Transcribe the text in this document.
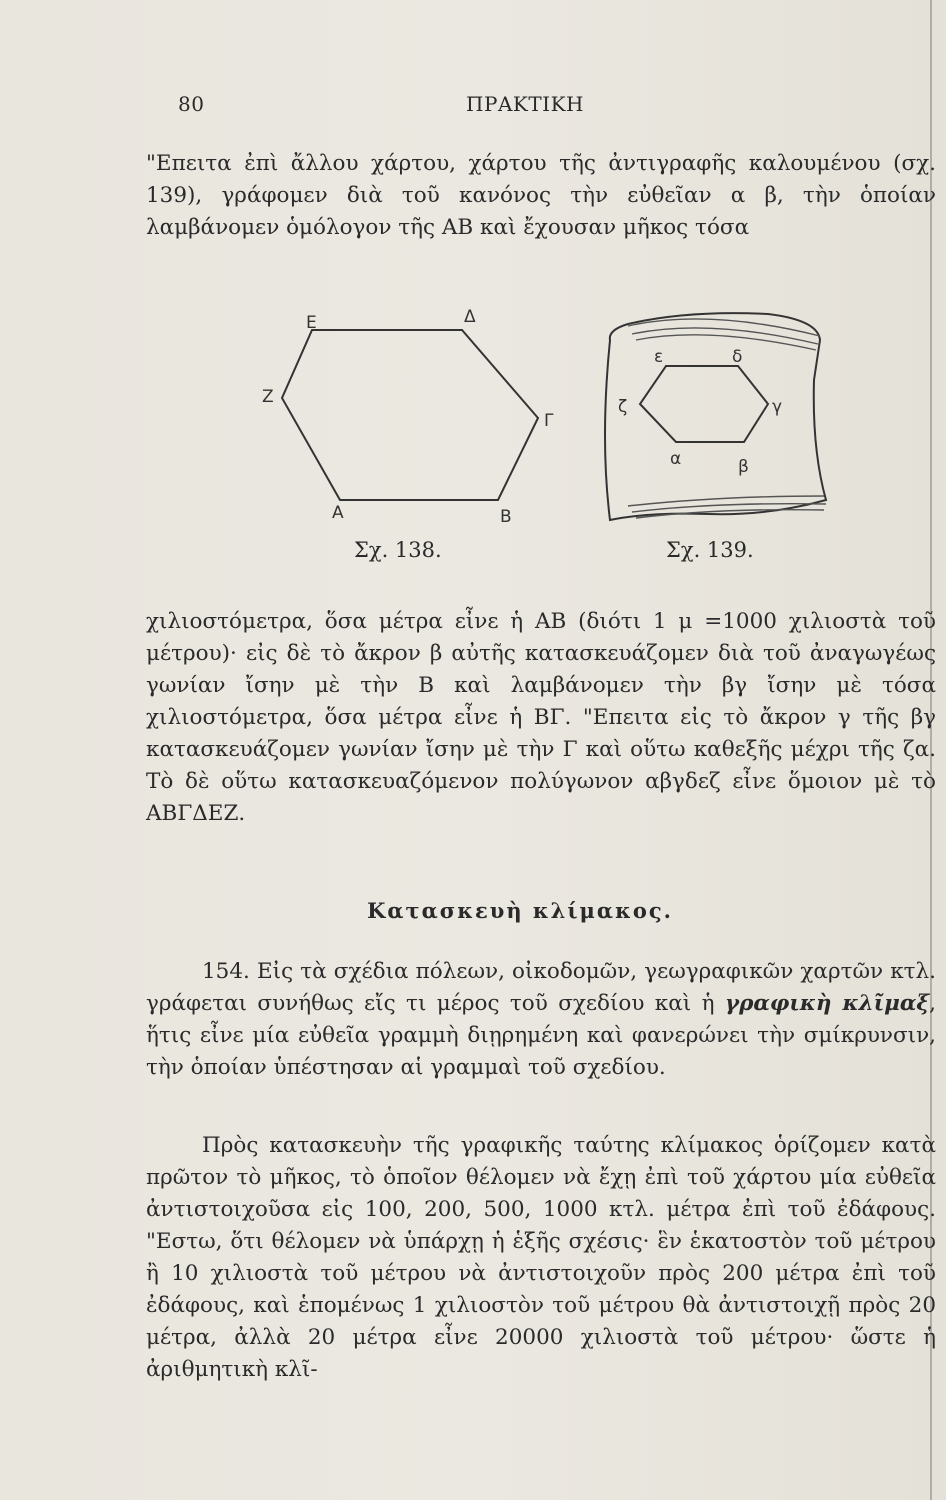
80	ΠΡΑΚΤΙΚΗ

"Επειτα ἐπὶ ἄλλου χάρτου, χάρτου τῆς ἀντιγραφῆς καλουμένου (σχ. 139), γράφομεν διὰ τοῦ κανόνος τὴν εὐθεῖαν α β, τὴν ὁποίαν λαμβάνομεν ὁμόλογον τῆς ΑΒ καὶ ἔχουσαν μῆκος τόσα

Ε	Δ
Ζ
Γ
Α	Β
Σχ. 138.
ε	δ
ζ	γ
α	β
Σχ. 139.

χιλιοστόμετρα, ὅσα μέτρα εἶνε ἡ ΑΒ (διότι 1 μ =1000 χιλιοστὰ τοῦ μέτρου)· εἰς δὲ τὸ ἄκρον β αὐτῆς κατασκευάζομεν διὰ τοῦ ἀναγωγέως γωνίαν ἴσην μὲ τὴν Β καὶ λαμβάνομεν τὴν βγ ἴσην μὲ τόσα χιλιοστόμετρα, ὅσα μέτρα εἶνε ἡ ΒΓ. "Επειτα εἰς τὸ ἄκρον γ τῆς βγ κατασκευάζομεν γωνίαν ἴσην μὲ τὴν Γ καὶ οὕτω καθεξῆς μέχρι τῆς ζα. Τὸ δὲ οὕτω κατασκευαζόμενον πολύγωνον αβγδεζ εἶνε ὅμοιον μὲ τὸ ΑΒΓΔΕΖ.

Κατασκευὴ κλίμακος.

154. Εἰς τὰ σχέδια πόλεων, οἰκοδομῶν, γεωγραφικῶν χαρτῶν κτλ. γράφεται συνήθως εἴς τι μέρος τοῦ σχεδίου καὶ ἡ γραφικὴ κλῖμαξ, ἥτις εἶνε μία εὐθεῖα γραμμὴ διῃρημένη καὶ φανερώνει τὴν σμίκρυνσιν, τὴν ὁποίαν ὑπέστησαν αἱ γραμμαὶ τοῦ σχεδίου.

Πρὸς κατασκευὴν τῆς γραφικῆς ταύτης κλίμακος ὁρίζομεν κατὰ πρῶτον τὸ μῆκος, τὸ ὁποῖον θέλομεν νὰ ἔχῃ ἐπὶ τοῦ χάρτου μία εὐθεῖα ἀντιστοιχοῦσα εἰς 100, 200, 500, 1000 κτλ. μέτρα ἐπὶ τοῦ ἐδάφους. "Εστω, ὅτι θέλομεν νὰ ὑπάρχῃ ἡ ἑξῆς σχέσις· ἓν ἑκατοστὸν τοῦ μέτρου ἢ 10 χιλιοστὰ τοῦ μέτρου νὰ ἀντιστοιχοῦν πρὸς 200 μέτρα ἐπὶ τοῦ ἐδάφους, καὶ ἑπομένως 1 χιλιοστὸν τοῦ μέτρου θὰ ἀντιστοιχῇ πρὸς 20 μέτρα, ἀλλὰ 20 μέτρα εἶνε 20000 χιλιοστὰ τοῦ μέτρου· ὥστε ἡ ἀριθμητικὴ κλῖ-
